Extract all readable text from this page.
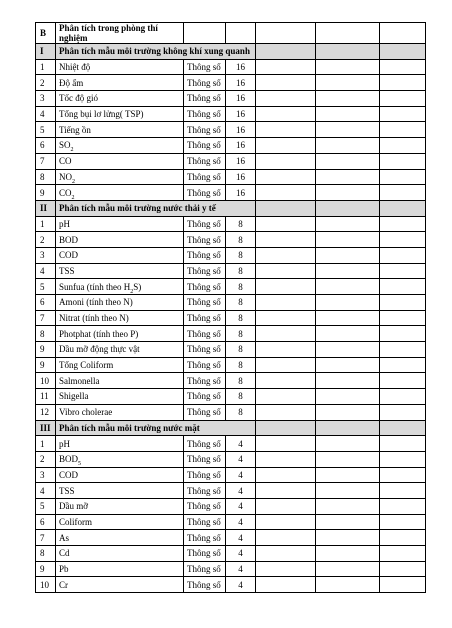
B	Phân tích trong phòng thí nghiệm					
I	Phân tích mẫu môi trường không khí xung quanh					
1	Nhiệt độ	Thông số	16			
2	Độ ẩm	Thông số	16			
3	Tốc độ gió	Thông số	16			
4	Tổng bụi lơ lửng( TSP)	Thông số	16			
5	Tiếng ồn	Thông số	16			
6	$SO_2$	Thông số	16			
7	CO	Thông số	16			
8	$NO_2$	Thông số	16			
9	$CO_2$	Thông số	16			
II	Phân tích mẫu môi trường nước thải y tế					
1	pH	Thông số	8			
2	BOD	Thông số	8			
3	COD	Thông số	8			
4	TSS	Thông số	8			
5	Sunfua (tính theo $H_2S$)	Thông số	8			
6	Amoni (tính theo N)	Thông số	8			
7	Nitrat (tính theo N)	Thông số	8			
8	Photphat (tính theo P)	Thông số	8			
9	Dầu mỡ động thực vật	Thông số	8			
9	Tổng Coliform	Thông số	8			
10	Salmonella	Thông số	8			
11	Shigella	Thông số	8			
12	Vibro cholerae	Thông số	8			
III	Phân tích mẫu môi trường nước mặt					
1	pH	Thông số	4			
2	$BOD_5$	Thông số	4			
3	COD	Thông số	4			
4	TSS	Thông số	4			
5	Dầu mỡ	Thông số	4			
6	Coliform	Thông số	4			
7	As	Thông số	4			
8	Cd	Thông số	4			
9	Pb	Thông số	4			
10	Cr	Thông số	4			
